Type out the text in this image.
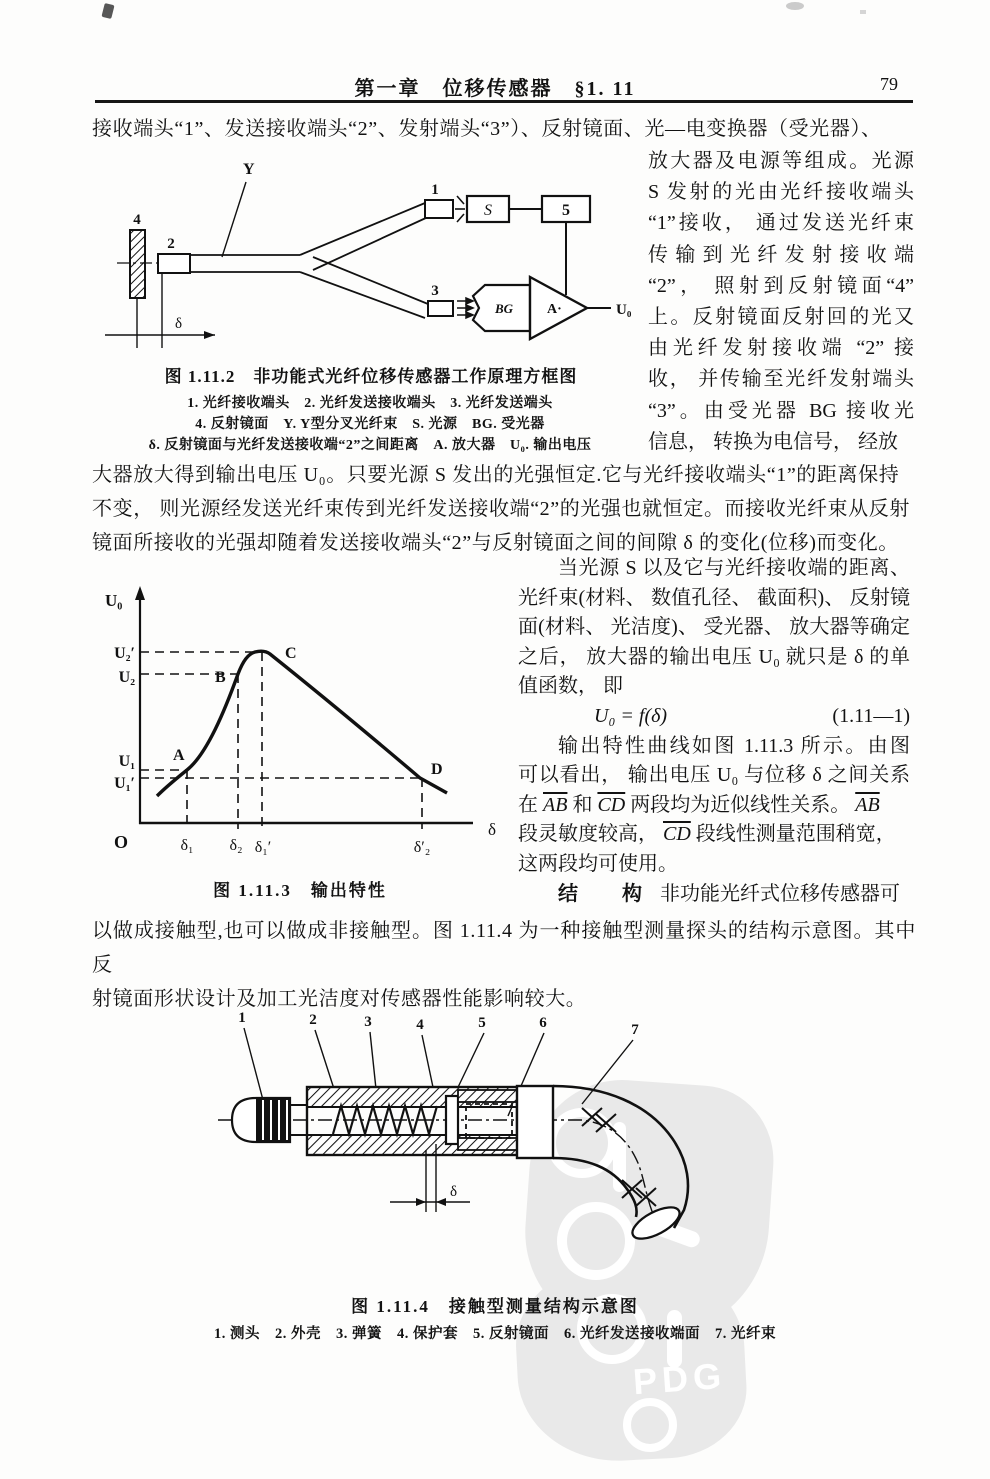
PDG
第一章　位移传感器　§1. 11	79
接收端头“1”、发送接收端头“2”、发射端头“3”）、反射镜面、光—电变换器（受光器）、
放大器及电源等组成。光源
S 发射的光由光纤接收端头
“1”接收， 通过发送光纤束
传输到光纤发射接收端
“2”， 照射到反射镜面“4”
上。反射镜面反射回的光又
由光纤发射接收端 “2” 接
收， 并传输至光纤发射端头
“3”。由受光器 BG 接收光
信息， 转换为电信号， 经放
4
2
Y
1
S	5
3
BG A·	U₀
δ
图 1.11.2　非功能式光纤位移传感器工作原理方框图
1. 光纤接收端头　2. 光纤发送接收端头　3. 光纤发送端头
4. 反射镜面　Y. Y型分叉光纤束　S. 光源　BG. 受光器
δ. 反射镜面与光纤发送接收端“2”之间距离　A. 放大器　U₀. 输出电压
大器放大得到输出电压 U₀。只要光源 S 发出的光强恒定.它与光纤接收端头“1”的距离保持
不变， 则光源经发送光纤束传到光纤发送接收端“2”的光强也就恒定。而接收光纤束从反射
镜面所接收的光强却随着发送接收端头“2”与反射镜面之间的间隙 δ 的变化(位移)而变化。
U₀
δ
O
U₂′
U₂
U₁
U₁′
δ₁ δ₂ δ₁′	δ′₂
A
B
C
D
图 1.11.3　输出特性
当光源 S 以及它与光纤接收端的距离、
光纤束(材料、 数值孔径、 截面积)、 反射镜
面(材料、 光洁度)、 受光器、 放大器等确定
之后， 放大器的输出电压 U₀ 就只是 δ 的单
值函数， 即
U₀ = f(δ)	(1.11—1)
输出特性曲线如图 1.11.3 所示。由图
可以看出， 输出电压 U₀ 与位移 δ 之间关系
在 $\overline{AB}$ 和 $\overline{CD}$ 两段均为近似线性关系。 $\overline{AB}$
段灵敏度较高， $\overline{CD}$ 段线性测量范围稍宽，
这两段均可使用。
结 构 非功能光纤式位移传感器可
以做成接触型,也可以做成非接触型。图 1.11.4 为一种接触型测量探头的结构示意图。其中反
射镜面形状设计及加工光洁度对传感器性能影响较大。
1	2	3	4	5	6	7
δ
图 1.11.4　接触型测量结构示意图
1. 测头　2. 外壳　3. 弹簧　4. 保护套　5. 反射镜面　6. 光纤发送接收端面　7. 光纤束
